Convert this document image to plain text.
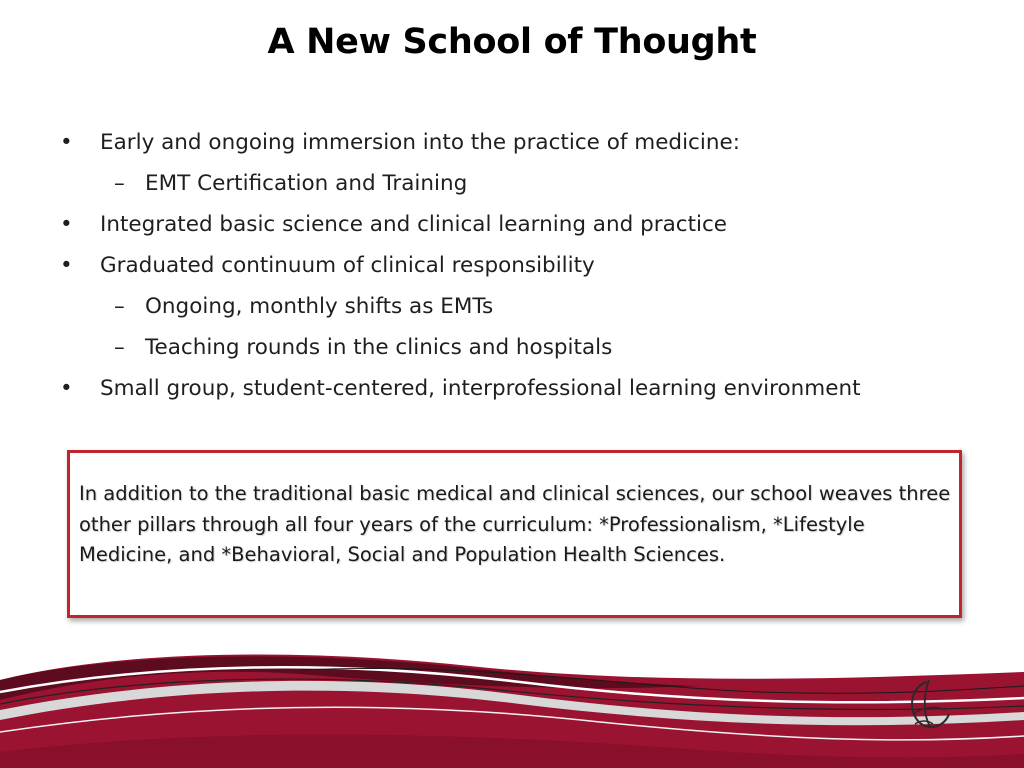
A New School of Thought
•	Early and ongoing immersion into the practice of medicine:
– EMT Certification and Training
•	Integrated basic science and clinical learning and practice
•	Graduated continuum of clinical responsibility
– Ongoing, monthly shifts as EMTs
– Teaching rounds in the clinics and hospitals
•	Small group, student-centered, interprofessional learning environment

In addition to the traditional basic medical and clinical sciences, our school weaves three other pillars through all four years of the curriculum: *Professionalism, *Lifestyle Medicine, and *Behavioral, Social and Population Health Sciences.
